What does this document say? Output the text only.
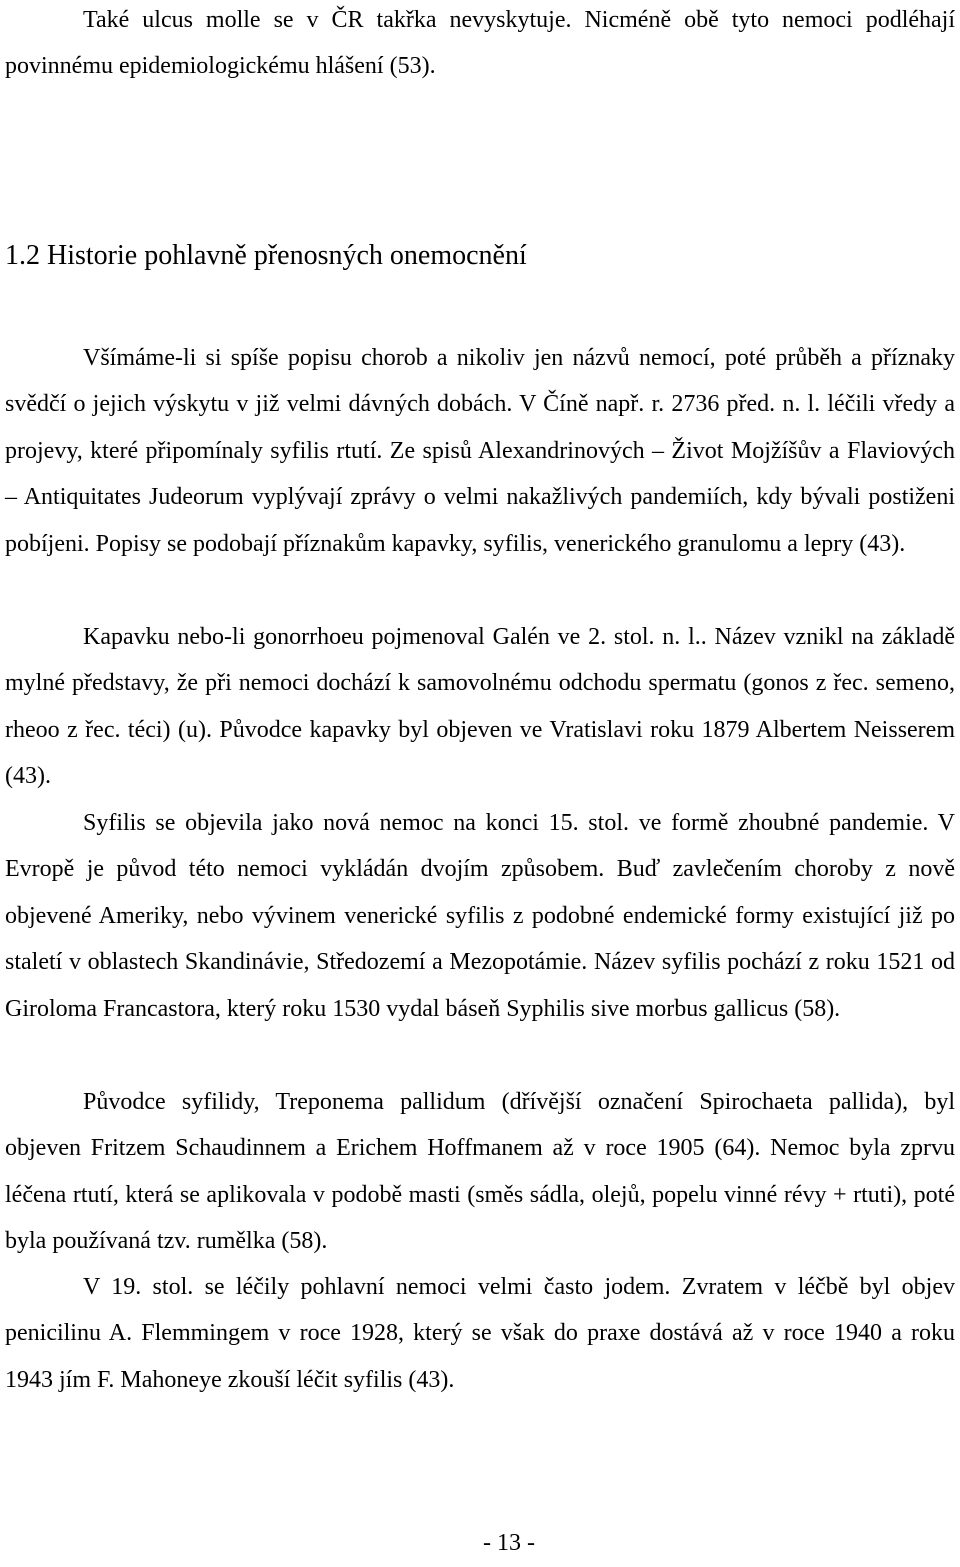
Také ulcus molle se v ČR takřka nevyskytuje. Nicméně obě tyto nemoci podléhají povinnému epidemiologickému hlášení (53).

1.2 Historie pohlavně přenosných onemocnění

Všímáme-li si spíše popisu chorob a nikoliv jen názvů nemocí, poté průběh a příznaky svědčí o jejich výskytu v již velmi dávných dobách. V Číně např. r. 2736 před. n. l. léčili vředy a projevy, které připomínaly syfilis rtutí. Ze spisů Alexandrinových – Život Mojžíšův a Flaviových – Antiquitates Judeorum vyplývají zprávy o velmi nakažlivých pandemiích, kdy bývali postiženi pobíjeni. Popisy se podobají příznakům kapavky, syfilis, venerického granulomu a lepry (43).

Kapavku nebo-li gonorrhoeu pojmenoval Galén ve 2. stol. n. l.. Název vznikl na základě mylné představy, že při nemoci dochází k samovolnému odchodu spermatu (gonos z řec. semeno, rheoo z řec. téci) (u). Původce kapavky byl objeven ve Vratislavi roku 1879 Albertem Neisserem (43).

Syfilis se objevila jako nová nemoc na konci 15. stol. ve formě zhoubné pandemie. V Evropě je původ této nemoci vykládán dvojím způsobem. Buď zavlečením choroby z nově objevené Ameriky, nebo vývinem venerické syfilis z podobné endemické formy existující již po staletí v oblastech Skandinávie, Středozemí a Mezopotámie. Název syfilis pochází z roku 1521 od Giroloma Francastora, který roku 1530 vydal báseň Syphilis sive morbus gallicus (58).

Původce syfilidy, Treponema pallidum (dřívější označení Spirochaeta pallida), byl objeven Fritzem Schaudinnem a Erichem Hoffmanem až v roce 1905 (64). Nemoc byla zprvu léčena rtutí, která se aplikovala v podobě masti (směs sádla, olejů, popelu vinné révy + rtuti), poté byla používaná tzv. rumělka (58).

V 19. stol. se léčily pohlavní nemoci velmi často jodem. Zvratem v léčbě byl objev penicilinu A. Flemmingem v roce 1928, který se však do praxe dostává až v roce 1940 a roku 1943 jím F. Mahoneye zkouší léčit syfilis (43).

- 13 -
